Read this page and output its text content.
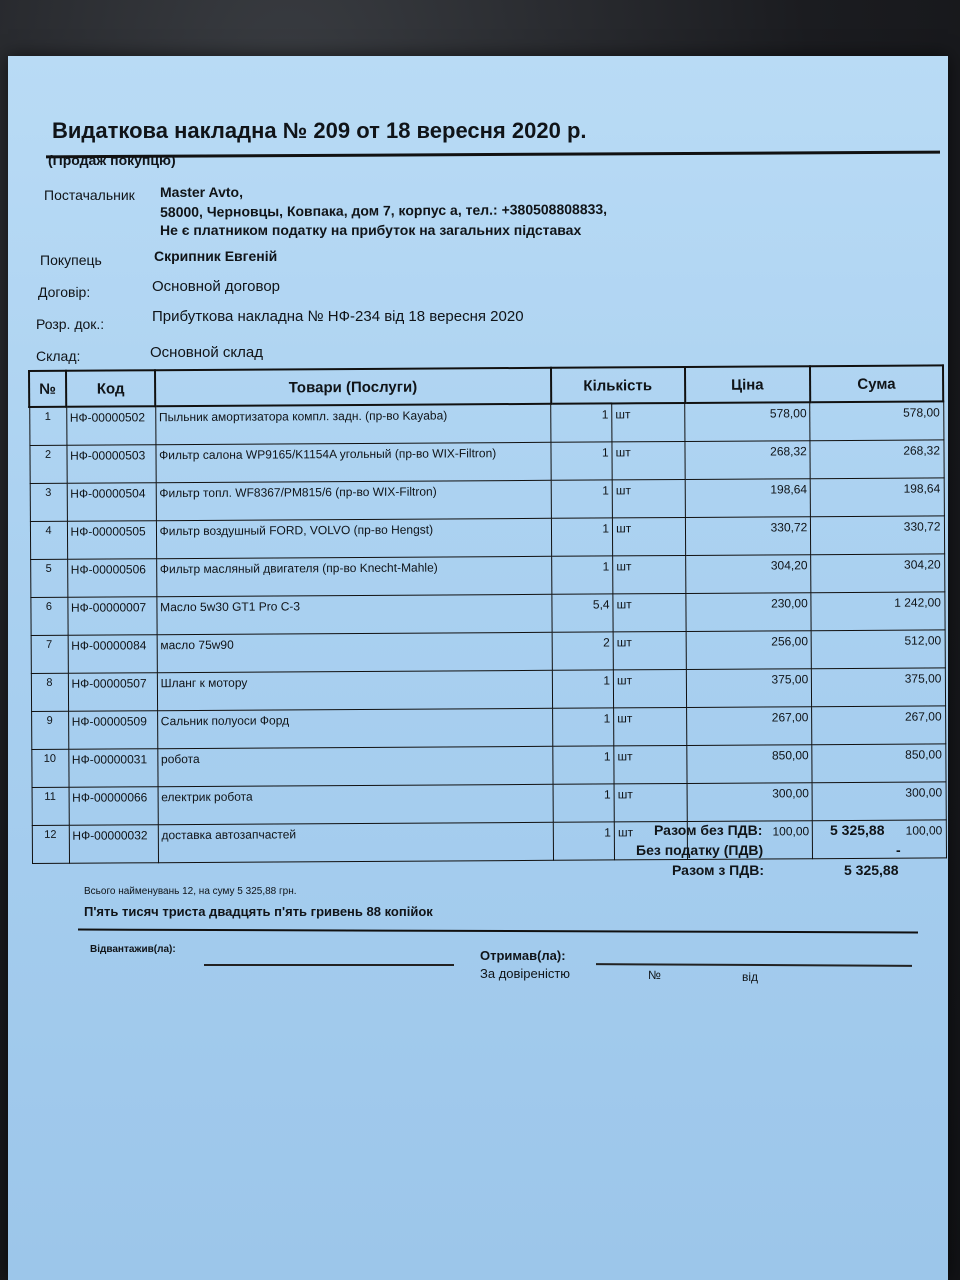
Видаткова накладна № 209 от 18 вересня 2020 р.
(Продаж покупцю)
Постачальник Master Avto,
58000, Черновцы, Ковпака, дом 7, корпус а, тел.: +380508808833,
Не є платником податку на прибуток на загальних підставах
Покупець	Скрипник Евгеній
Договір:	Основной договор
Розр. док.:	Прибуткова накладна № НФ-234 від 18 вересня 2020
Склад:	Основной склад
№	Код	Товари (Послуги)	Кількість		Ціна	Сума
1	НФ-00000502	Пыльник амортизатора компл. задн. (пр-во Kayaba)	1	шт	578,00	578,00
2	НФ-00000503	Фильтр салона WP9165/K1154A угольный (пр-во WIX-Filtron)	1	шт	268,32	268,32
3	НФ-00000504	Фильтр топл. WF8367/PM815/6 (пр-во WIX-Filtron)	1	шт	198,64	198,64
4	НФ-00000505	Фильтр воздушный FORD, VOLVO (пр-во Hengst)	1	шт	330,72	330,72
5	НФ-00000506	Фильтр масляный двигателя (пр-во Knecht-Mahle)	1	шт	304,20	304,20
6	НФ-00000007	Масло 5w30 GT1 Pro C-3	5,4	шт	230,00	1 242,00
7	НФ-00000084	масло 75w90	2	шт	256,00	512,00
8	НФ-00000507	Шланг к мотору	1	шт	375,00	375,00
9	НФ-00000509	Сальник полуоси Форд	1	шт	267,00	267,00
10	НФ-00000031	робота	1	шт	850,00	850,00
11	НФ-00000066	електрик робота	1	шт	300,00	300,00
12	НФ-00000032	доставка автозапчастей	1	шт	100,00	100,00
Разом без ПДВ:	5 325,88
Без податку (ПДВ)	-
Разом з ПДВ:	5 325,88
Всього найменувань 12, на суму 5 325,88 грн.
П'ять тисяч триста двадцять п'ять гривень 88 копійок
Відвантажив(ла):	Отримав(ла):
За довіреністю	№	від
